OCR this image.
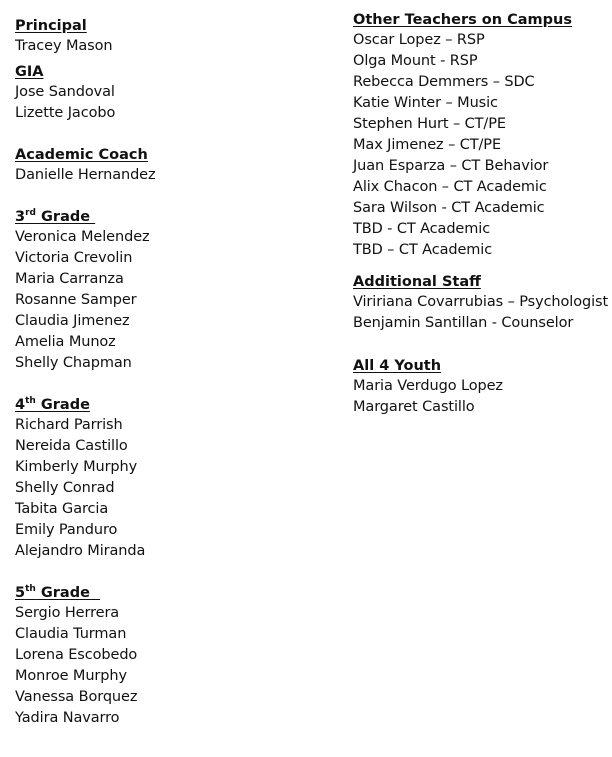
Principal
Tracey Mason
GIA
Jose Sandoval
Lizette Jacobo
Academic Coach
Danielle Hernandez
3rd Grade
Veronica Melendez
Victoria Crevolin
Maria Carranza
Rosanne Samper
Claudia Jimenez
Amelia Munoz
Shelly Chapman
4th Grade
Richard Parrish
Nereida Castillo
Kimberly Murphy
Shelly Conrad
Tabita Garcia
Emily Panduro
Alejandro Miranda
5th Grade
Sergio Herrera
Claudia Turman
Lorena Escobedo
Monroe Murphy
Vanessa Borquez
Yadira Navarro
Other Teachers on Campus
Oscar Lopez – RSP
Olga Mount - RSP
Rebecca Demmers – SDC
Katie Winter – Music
Stephen Hurt – CT/PE
Max Jimenez – CT/PE
Juan Esparza – CT Behavior
Alix Chacon – CT Academic
Sara Wilson - CT Academic
TBD - CT Academic
TBD – CT Academic
Additional Staff
Viririana Covarrubias – Psychologist
Benjamin Santillan - Counselor
All 4 Youth
Maria Verdugo Lopez
Margaret Castillo
